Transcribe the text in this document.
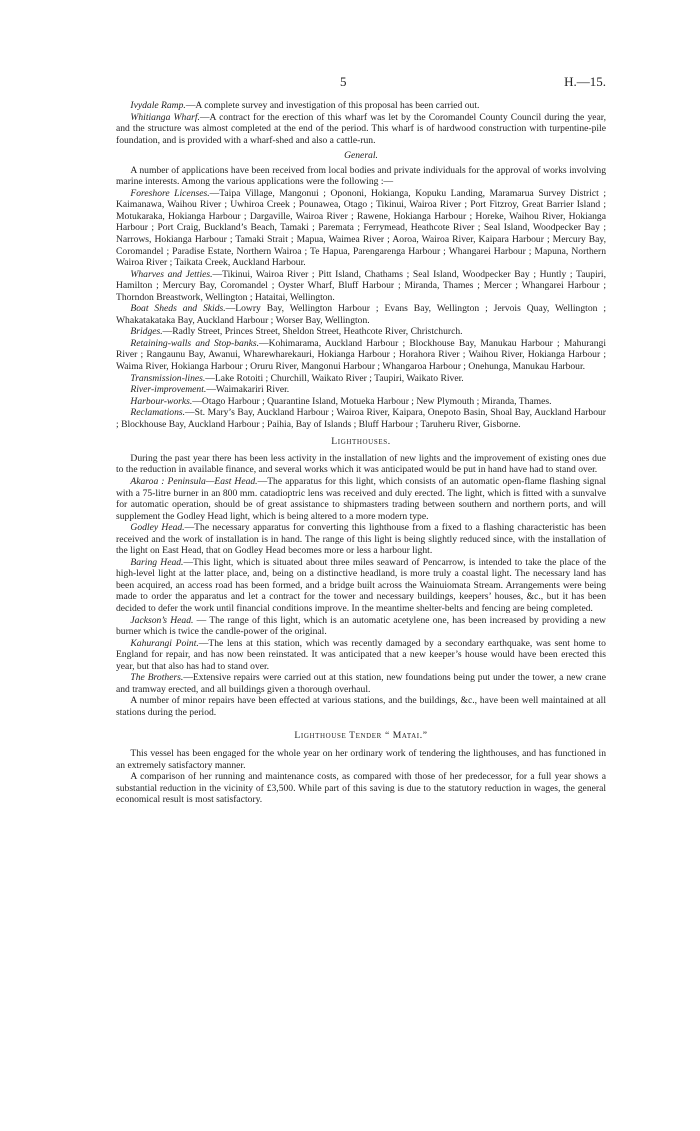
5	H.—15.

Ivydale Ramp.—A complete survey and investigation of this proposal has been carried out.

Whitianga Wharf.—A contract for the erection of this wharf was let by the Coromandel County Council during the year, and the structure was almost completed at the end of the period. This wharf is of hardwood construction with turpentine-pile foundation, and is provided with a wharf-shed and also a cattle-run.

General.

A number of applications have been received from local bodies and private individuals for the approval of works involving marine interests. Among the various applications were the following :—

Foreshore Licenses.—Taipa Village, Mangonui ; Opononi, Hokianga, Kopuku Landing, Maramarua Survey District ; Kaimanawa, Waihou River ; Uwhiroa Creek ; Pounawea, Otago ; Tikinui, Wairoa River ; Port Fitzroy, Great Barrier Island ; Motukaraka, Hokianga Harbour ; Dargaville, Wairoa River ; Rawene, Hokianga Harbour ; Horeke, Waihou River, Hokianga Harbour ; Port Craig, Buckland’s Beach, Tamaki ; Paremata ; Ferrymead, Heathcote River ; Seal Island, Woodpecker Bay ; Narrows, Hokianga Harbour ; Tamaki Strait ; Mapua, Waimea River ; Aoroa, Wairoa River, Kaipara Harbour ; Mercury Bay, Coromandel ; Paradise Estate, Northern Wairoa ; Te Hapua, Parengarenga Harbour ; Whangarei Harbour ; Mapuna, Northern Wairoa River ; Taikata Creek, Auckland Harbour.

Wharves and Jetties.—Tikinui, Wairoa River ; Pitt Island, Chathams ; Seal Island, Woodpecker Bay ; Huntly ; Taupiri, Hamilton ; Mercury Bay, Coromandel ; Oyster Wharf, Bluff Harbour ; Miranda, Thames ; Mercer ; Whangarei Harbour ; Thorndon Breastwork, Wellington ; Hataitai, Wellington.

Boat Sheds and Skids.—Lowry Bay, Wellington Harbour ; Evans Bay, Wellington ; Jervois Quay, Wellington ; Whakatakataka Bay, Auckland Harbour ; Worser Bay, Wellington.

Bridges.—Radly Street, Princes Street, Sheldon Street, Heathcote River, Christchurch.

Retaining-walls and Stop-banks.—Kohimarama, Auckland Harbour ; Blockhouse Bay, Manukau Harbour ; Mahurangi River ; Rangaunu Bay, Awanui, Wharewharekauri, Hokianga Harbour ; Horahora River ; Waihou River, Hokianga Harbour ; Waima River, Hokianga Harbour ; Oruru River, Mangonui Harbour ; Whangaroa Harbour ; Onehunga, Manukau Harbour.

Transmission-lines.—Lake Rotoiti ; Churchill, Waikato River ; Taupiri, Waikato River.

River-improvement.—Waimakariri River.

Harbour-works.—Otago Harbour ; Quarantine Island, Motueka Harbour ; New Plymouth ; Miranda, Thames.

Reclamations.—St. Mary’s Bay, Auckland Harbour ; Wairoa River, Kaipara, Onepoto Basin, Shoal Bay, Auckland Harbour ; Blockhouse Bay, Auckland Harbour ; Paihia, Bay of Islands ; Bluff Harbour ; Taruheru River, Gisborne.

Lighthouses.

During the past year there has been less activity in the installation of new lights and the improvement of existing ones due to the reduction in available finance, and several works which it was anticipated would be put in hand have had to stand over.

Akaroa : Peninsula—East Head.—The apparatus for this light, which consists of an automatic open-flame flashing signal with a 75-litre burner in an 800 mm. catadioptric lens was received and duly erected. The light, which is fitted with a sunvalve for automatic operation, should be of great assistance to shipmasters trading between southern and northern ports, and will supplement the Godley Head light, which is being altered to a more modern type.

Godley Head.—The necessary apparatus for converting this lighthouse from a fixed to a flashing characteristic has been received and the work of installation is in hand. The range of this light is being slightly reduced since, with the installation of the light on East Head, that on Godley Head becomes more or less a harbour light.

Baring Head.—This light, which is situated about three miles seaward of Pencarrow, is intended to take the place of the high-level light at the latter place, and, being on a distinctive headland, is more truly a coastal light. The necessary land has been acquired, an access road has been formed, and a bridge built across the Wainuiomata Stream. Arrangements were being made to order the apparatus and let a contract for the tower and necessary buildings, keepers’ houses, &c., but it has been decided to defer the work until financial conditions improve. In the meantime shelter-belts and fencing are being completed.

Jackson’s Head. — The range of this light, which is an automatic acetylene one, has been increased by providing a new burner which is twice the candle-power of the original.

Kahurangi Point.—The lens at this station, which was recently damaged by a secondary earthquake, was sent home to England for repair, and has now been reinstated. It was anticipated that a new keeper’s house would have been erected this year, but that also has had to stand over.

The Brothers.—Extensive repairs were carried out at this station, new foundations being put under the tower, a new crane and tramway erected, and all buildings given a thorough overhaul.

A number of minor repairs have been effected at various stations, and the buildings, &c., have been well maintained at all stations during the period.

Lighthouse Tender “ Matai.”

This vessel has been engaged for the whole year on her ordinary work of tendering the lighthouses, and has functioned in an extremely satisfactory manner.

A comparison of her running and maintenance costs, as compared with those of her predecessor, for a full year shows a substantial reduction in the vicinity of £3,500. While part of this saving is due to the statutory reduction in wages, the general economical result is most satisfactory.
